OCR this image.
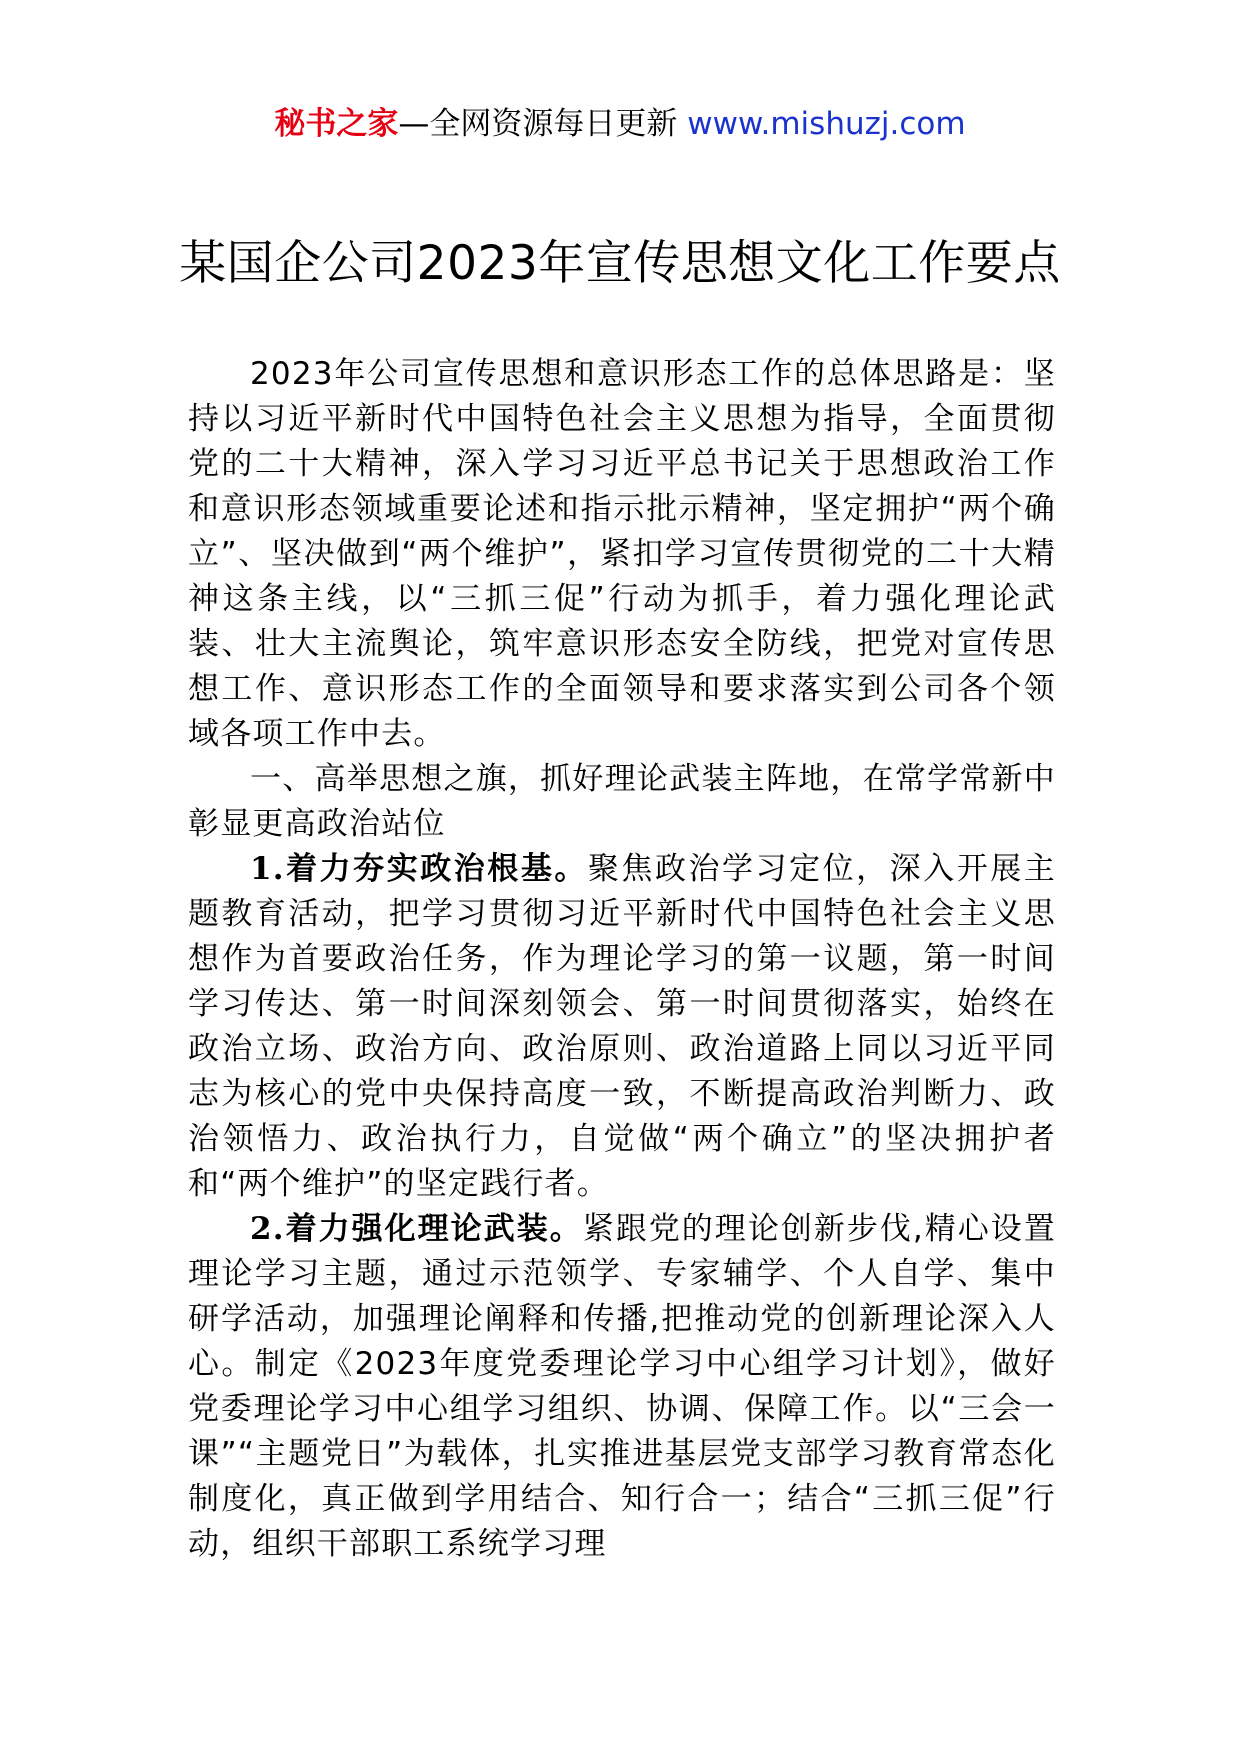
秘书之家—全网资源每日更新 www.mishuzj.com
某国企公司2023年宣传思想文化工作要点

2023年公司宣传思想和意识形态工作的总体思路是：坚持以习近平新时代中国特色社会主义思想为指导，全面贯彻党的二十大精神，深入学习习近平总书记关于思想政治工作和意识形态领域重要论述和指示批示精神，坚定拥护“两个确立”、坚决做到“两个维护”，紧扣学习宣传贯彻党的二十大精神这条主线，以“三抓三促”行动为抓手，着力强化理论武装、壮大主流舆论，筑牢意识形态安全防线，把党对宣传思想工作、意识形态工作的全面领导和要求落实到公司各个领域各项工作中去。

一、高举思想之旗，抓好理论武装主阵地，在常学常新中彰显更高政治站位

1.着力夯实政治根基。聚焦政治学习定位，深入开展主题教育活动，把学习贯彻习近平新时代中国特色社会主义思想作为首要政治任务，作为理论学习的第一议题，第一时间学习传达、第一时间深刻领会、第一时间贯彻落实，始终在政治立场、政治方向、政治原则、政治道路上同以习近平同志为核心的党中央保持高度一致，不断提高政治判断力、政治领悟力、政治执行力，自觉做“两个确立”的坚决拥护者和“两个维护”的坚定践行者。

2.着力强化理论武装。紧跟党的理论创新步伐,精心设置理论学习主题，通过示范领学、专家辅学、个人自学、集中研学活动，加强理论阐释和传播,把推动党的创新理论深入人心。制定《2023年度党委理论学习中心组学习计划》，做好党委理论学习中心组学习组织、协调、保障工作。以“三会一课”“主题党日”为载体，扎实推进基层党支部学习教育常态化制度化，真正做到学用结合、知行合一；结合“三抓三促”行动，组织干部职工系统学习理
